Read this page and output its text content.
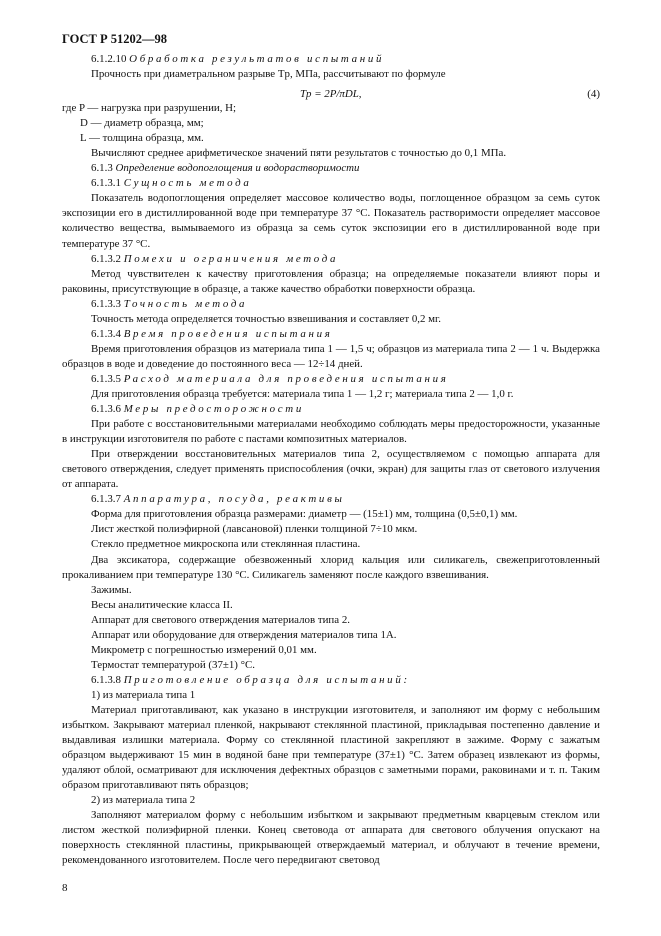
ГОСТ Р 51202—98

6.1.2.10 Обработка результатов испытаний

Прочность при диаметральном разрыве Tр, МПа, рассчитывают по формуле

Tр = 2P/πDL,	(4)

где P — нагрузка при разрушении, Н;

D — диаметр образца, мм;

L — толщина образца, мм.

Вычисляют среднее арифметическое значений пяти результатов с точностью до 0,1 МПа.

6.1.3 Определение водопоглощения и водорастворимости

6.1.3.1 Сущность метода

Показатель водопоглощения определяет массовое количество воды, поглощенное образцом за семь суток экспозиции его в дистиллированной воде при температуре 37 °С. Показатель растворимости определяет массовое количество вещества, вымываемого из образца за семь суток экспозиции его в дистиллированной воде при температуре 37 °С.

6.1.3.2 Помехи и ограничения метода

Метод чувствителен к качеству приготовления образца; на определяемые показатели влияют поры и раковины, присутствующие в образце, а также качество обработки поверхности образца.

6.1.3.3 Точность метода

Точность метода определяется точностью взвешивания и составляет 0,2 мг.

6.1.3.4 Время проведения испытания

Время приготовления образцов из материала типа 1 — 1,5 ч; образцов из материала типа 2 — 1 ч. Выдержка образцов в воде и доведение до постоянного веса — 12÷14 дней.

6.1.3.5 Расход материала для проведения испытания

Для приготовления образца требуется: материала типа 1 — 1,2 г; материала типа 2 — 1,0 г.

6.1.3.6 Меры предосторожности

При работе с восстановительными материалами необходимо соблюдать меры предосторожности, указанные в инструкции изготовителя по работе с пастами композитных материалов.

При отверждении восстановительных материалов типа 2, осуществляемом с помощью аппарата для светового отверждения, следует применять приспособления (очки, экран) для защиты глаз от светового излучения от аппарата.

6.1.3.7 Аппаратура, посуда, реактивы

Форма для приготовления образца размерами: диаметр — (15±1) мм, толщина (0,5±0,1) мм.

Лист жесткой полиэфирной (лавсановой) пленки толщиной 7÷10 мкм.

Стекло предметное микроскопа или стеклянная пластина.

Два эксикатора, содержащие обезвоженный хлорид кальция или силикагель, свежеприготовленный прокаливанием при температуре 130 °С. Силикагель заменяют после каждого взвешивания.

Зажимы.

Весы аналитические класса II.

Аппарат для светового отверждения материалов типа 2.

Аппарат или оборудование для отверждения материалов типа 1А.

Микрометр с погрешностью измерений 0,01 мм.

Термостат температурой (37±1) °С.

6.1.3.8 Приготовление образца для испытаний:

1) из материала типа 1

Материал приготавливают, как указано в инструкции изготовителя, и заполняют им форму с небольшим избытком. Закрывают материал пленкой, накрывают стеклянной пластиной, прикладывая постепенно давление и выдавливая излишки материала. Форму со стеклянной пластиной закрепляют в зажиме. Форму с зажатым образцом выдерживают 15 мин в водяной бане при температуре (37±1) °С. Затем образец извлекают из формы, удаляют облой, осматривают для исключения дефектных образцов с заметными порами, раковинами и т. п. Таким образом приготавливают пять образцов;

2) из материала типа 2

Заполняют материалом форму с небольшим избытком и закрывают предметным кварцевым стеклом или листом жесткой полиэфирной пленки. Конец световода от аппарата для светового облучения опускают на поверхность стеклянной пластины, прикрывающей отверждаемый материал, и облучают в течение времени, рекомендованного изготовителем. После чего передвигают световод

8
